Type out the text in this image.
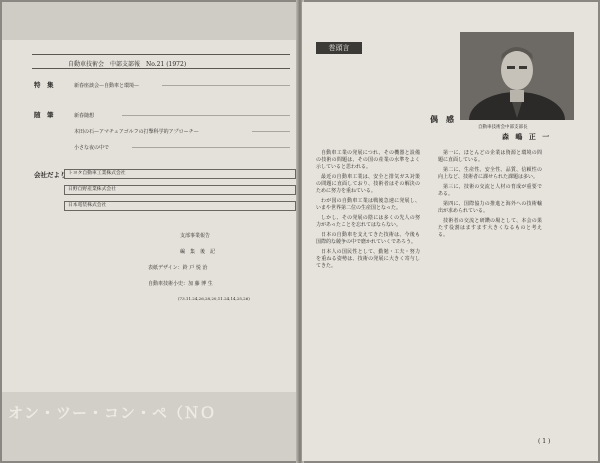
自動車技術会　中部支部報　No.21 (1972)
特　集	新春座談会—自動車と環境—
随　筆	新春随想
本田の石—アマチュアゴルフの打撃科学的アプローチ—
小さな夜の中で
会社だより トヨタ自動車工業株式会社
日野自野産業株式会社
日本電装株式会社
支部事業報告
編　集　後　記
表紙デザイン：鈴 戸 悦 治
自動車技術小史：加 藤 博 生
(73.11.24,26,28,20,11.24,14,25,26)
オン・ツー・コン・ペ（ＮＯ
巻頭言
偶　感
自動車技術会中部支部長
森 嶋 正 一

自動車工業の発展につれ、その機器と設備の技術の問題は、その国の産業の水準をよく示していると思われる。

最近の自動車工業は、安全と排気ガス対策の問題に直面しており、技術者はその解決のために努力を重ねている。

わが国の自動車工業は戦後急速に発展し、いまや世界第二位の生産国となった。

しかし、その発展の陰には多くの先人の努力があったことを忘れてはならない。

日本の自動車を支えてきた技術は、今後も国際的な競争の中で磨かれていくであろう。

日本人の国民性として、勤勉・工夫・努力を重ねる姿勢は、技術の発展に大きく寄与してきた。

第一に、ほとんどの企業は資源と環境の問題に直面している。

第二に、生産性、安全性、品質、信頼性の向上など、技術者に課せられた課題は多い。

第三に、技術の交流と人材の育成が重要である。

第四に、国際協力の推進と海外への技術輸出が求められている。

技術者の交流と研鑽の場として、本会の果たす役割はますます大きくなるものと考える。

( 1 )
